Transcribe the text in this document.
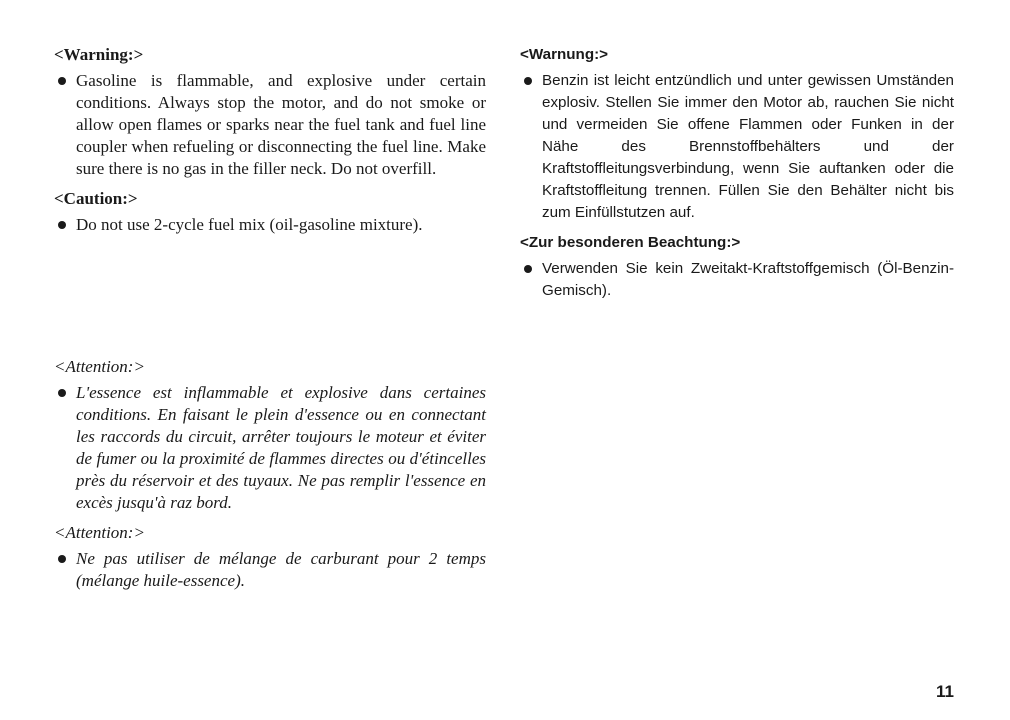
<Warning:>

Gasoline is flammable, and explosive under certain conditions. Always stop the motor, and do not smoke or allow open flames or sparks near the fuel tank and fuel line coupler when refueling or disconnecting the fuel line. Make sure there is no gas in the filler neck. Do not overfill.

<Caution:>

Do not use 2-cycle fuel mix (oil-gasoline mixture).

<Warnung:>

Benzin ist leicht entzündlich und unter gewissen Umständen explosiv. Stellen Sie immer den Motor ab, rauchen Sie nicht und vermeiden Sie offene Flammen oder Funken in der Nähe des Brennstoffbehälters und der Kraftstoffleitungsverbindung, wenn Sie auftanken oder die Kraftstoffleitung trennen. Füllen Sie den Behälter nicht bis zum Einfüllstutzen auf.

<Zur besonderen Beachtung:>

Verwenden Sie kein Zweitakt-Kraftstoffgemisch (Öl-Benzin-Gemisch).

<Attention:>

L'essence est inflammable et explosive dans certaines conditions. En faisant le plein d'essence ou en connectant les raccords du circuit, arrêter toujours le moteur et éviter de fumer ou la proximité de flammes directes ou d'étincelles près du réservoir et des tuyaux. Ne pas remplir l'essence en excès jusqu'à raz bord.

<Attention:>

Ne pas utiliser de mélange de carburant pour 2 temps (mélange huile-essence).

11
